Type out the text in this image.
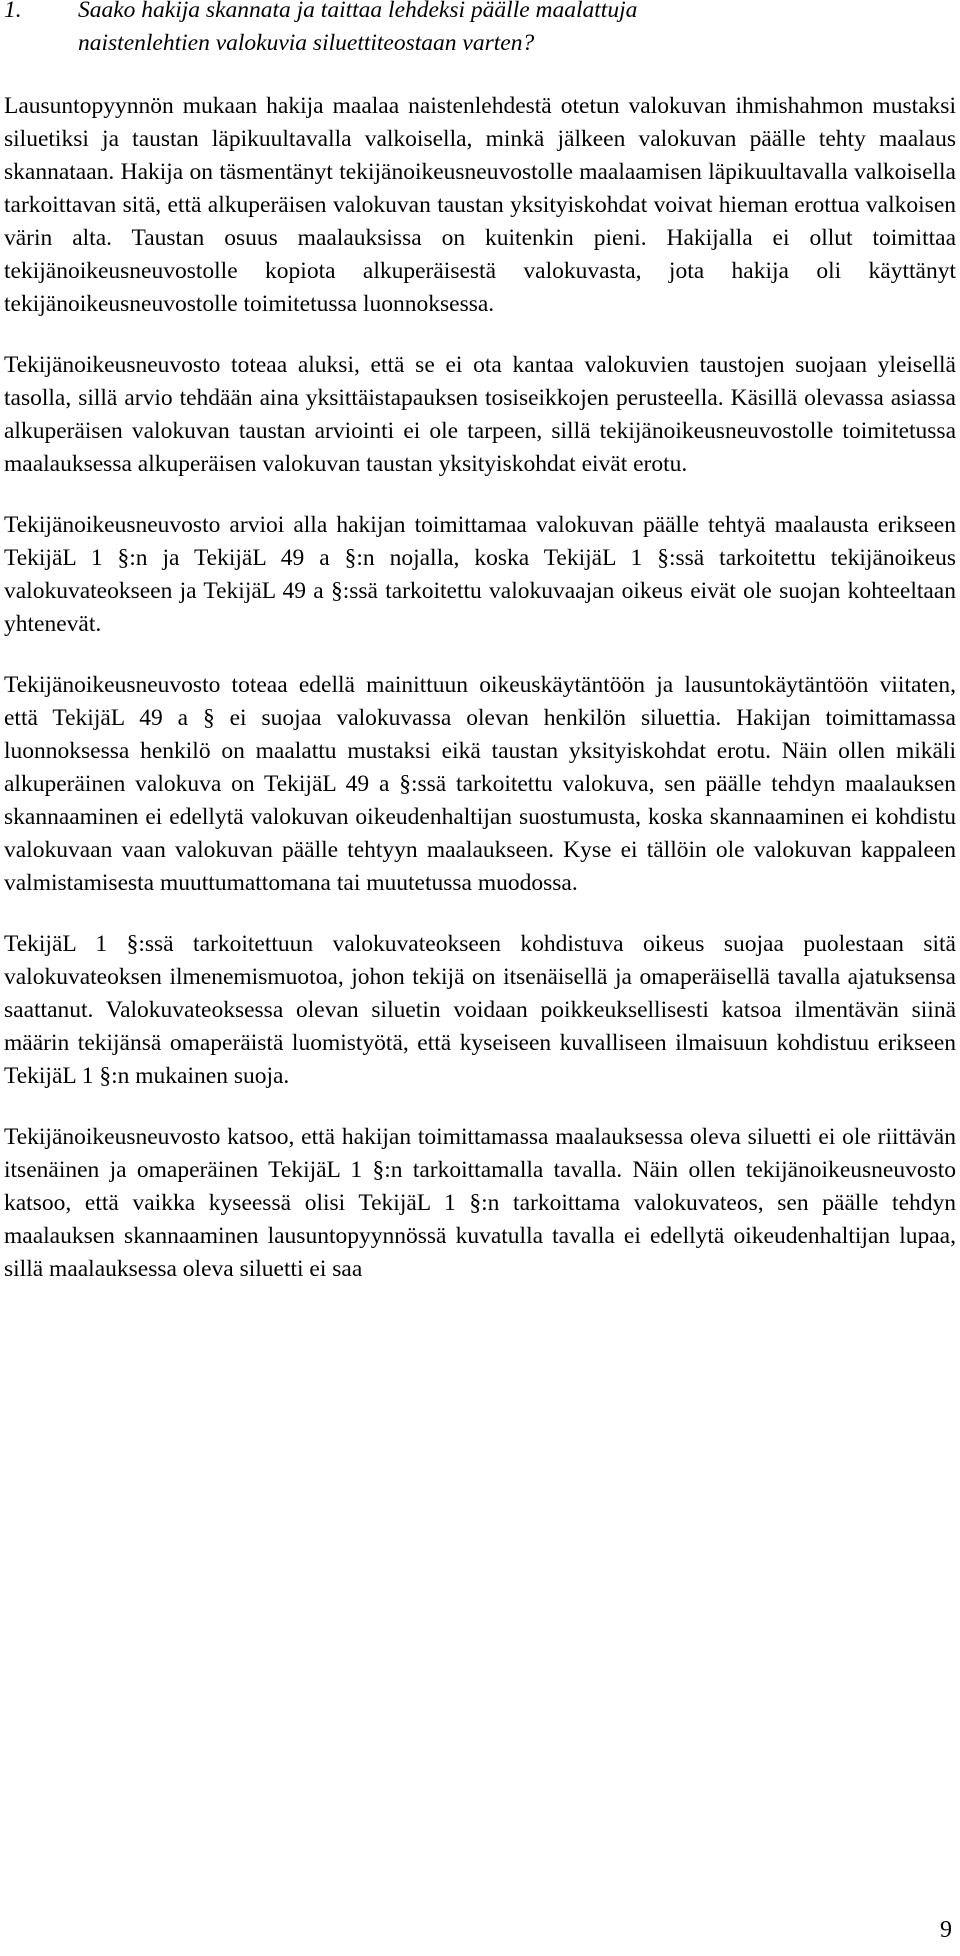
1. Saako hakija skannata ja taittaa lehdeksi päälle maalattuja
naistenlehtien valokuvia siluettiteostaan varten?

Lausuntopyynnön mukaan hakija maalaa naistenlehdestä otetun valokuvan ihmishahmon mustaksi siluetiksi ja taustan läpikuultavalla valkoisella, minkä jälkeen valokuvan päälle tehty maalaus skannataan. Hakija on täsmentänyt tekijänoikeusneuvostolle maalaamisen läpikuultavalla valkoisella tarkoittavan sitä, että alkuperäisen valokuvan taustan yksityiskohdat voivat hieman erottua valkoisen värin alta. Taustan osuus maalauksissa on kuitenkin pieni. Hakijalla ei ollut toimittaa tekijänoikeusneuvostolle kopiota alkuperäisestä valokuvasta, jota hakija oli käyttänyt tekijänoikeusneuvostolle toimitetussa luonnoksessa.

Tekijänoikeusneuvosto toteaa aluksi, että se ei ota kantaa valokuvien taustojen suojaan yleisellä tasolla, sillä arvio tehdään aina yksittäistapauksen tosiseikkojen perusteella. Käsillä olevassa asiassa alkuperäisen valokuvan taustan arviointi ei ole tarpeen, sillä tekijänoikeusneuvostolle toimitetussa maalauksessa alkuperäisen valokuvan taustan yksityiskohdat eivät erotu.

Tekijänoikeusneuvosto arvioi alla hakijan toimittamaa valokuvan päälle tehtyä maalausta erikseen TekijäL 1 §:n ja TekijäL 49 a §:n nojalla, koska TekijäL 1 §:ssä tarkoitettu tekijänoikeus valokuvateokseen ja TekijäL 49 a §:ssä tarkoitettu valokuvaajan oikeus eivät ole suojan kohteeltaan yhtenevät.

Tekijänoikeusneuvosto toteaa edellä mainittuun oikeuskäytäntöön ja lausuntokäytäntöön viitaten, että TekijäL 49 a § ei suojaa valokuvassa olevan henkilön siluettia. Hakijan toimittamassa luonnoksessa henkilö on maalattu mustaksi eikä taustan yksityiskohdat erotu. Näin ollen mikäli alkuperäinen valokuva on TekijäL 49 a §:ssä tarkoitettu valokuva, sen päälle tehdyn maalauksen skannaaminen ei edellytä valokuvan oikeudenhaltijan suostumusta, koska skannaaminen ei kohdistu valokuvaan vaan valokuvan päälle tehtyyn maalaukseen. Kyse ei tällöin ole valokuvan kappaleen valmistamisesta muuttumattomana tai muutetussa muodossa.

TekijäL 1 §:ssä tarkoitettuun valokuvateokseen kohdistuva oikeus suojaa puolestaan sitä valokuvateoksen ilmenemismuotoa, johon tekijä on itsenäisellä ja omaperäisellä tavalla ajatuksensa saattanut. Valokuvateoksessa olevan siluetin voidaan poikkeuksellisesti katsoa ilmentävän siinä määrin tekijänsä omaperäistä luomistyötä, että kyseiseen kuvalliseen ilmaisuun kohdistuu erikseen TekijäL 1 §:n mukainen suoja.

Tekijänoikeusneuvosto katsoo, että hakijan toimittamassa maalauksessa oleva siluetti ei ole riittävän itsenäinen ja omaperäinen TekijäL 1 §:n tarkoittamalla tavalla. Näin ollen tekijänoikeusneuvosto katsoo, että vaikka kyseessä olisi TekijäL 1 §:n tarkoittama valokuvateos, sen päälle tehdyn maalauksen skannaaminen lausuntopyynnössä kuvatulla tavalla ei edellytä oikeudenhaltijan lupaa, sillä maalauksessa oleva siluetti ei saa

9
